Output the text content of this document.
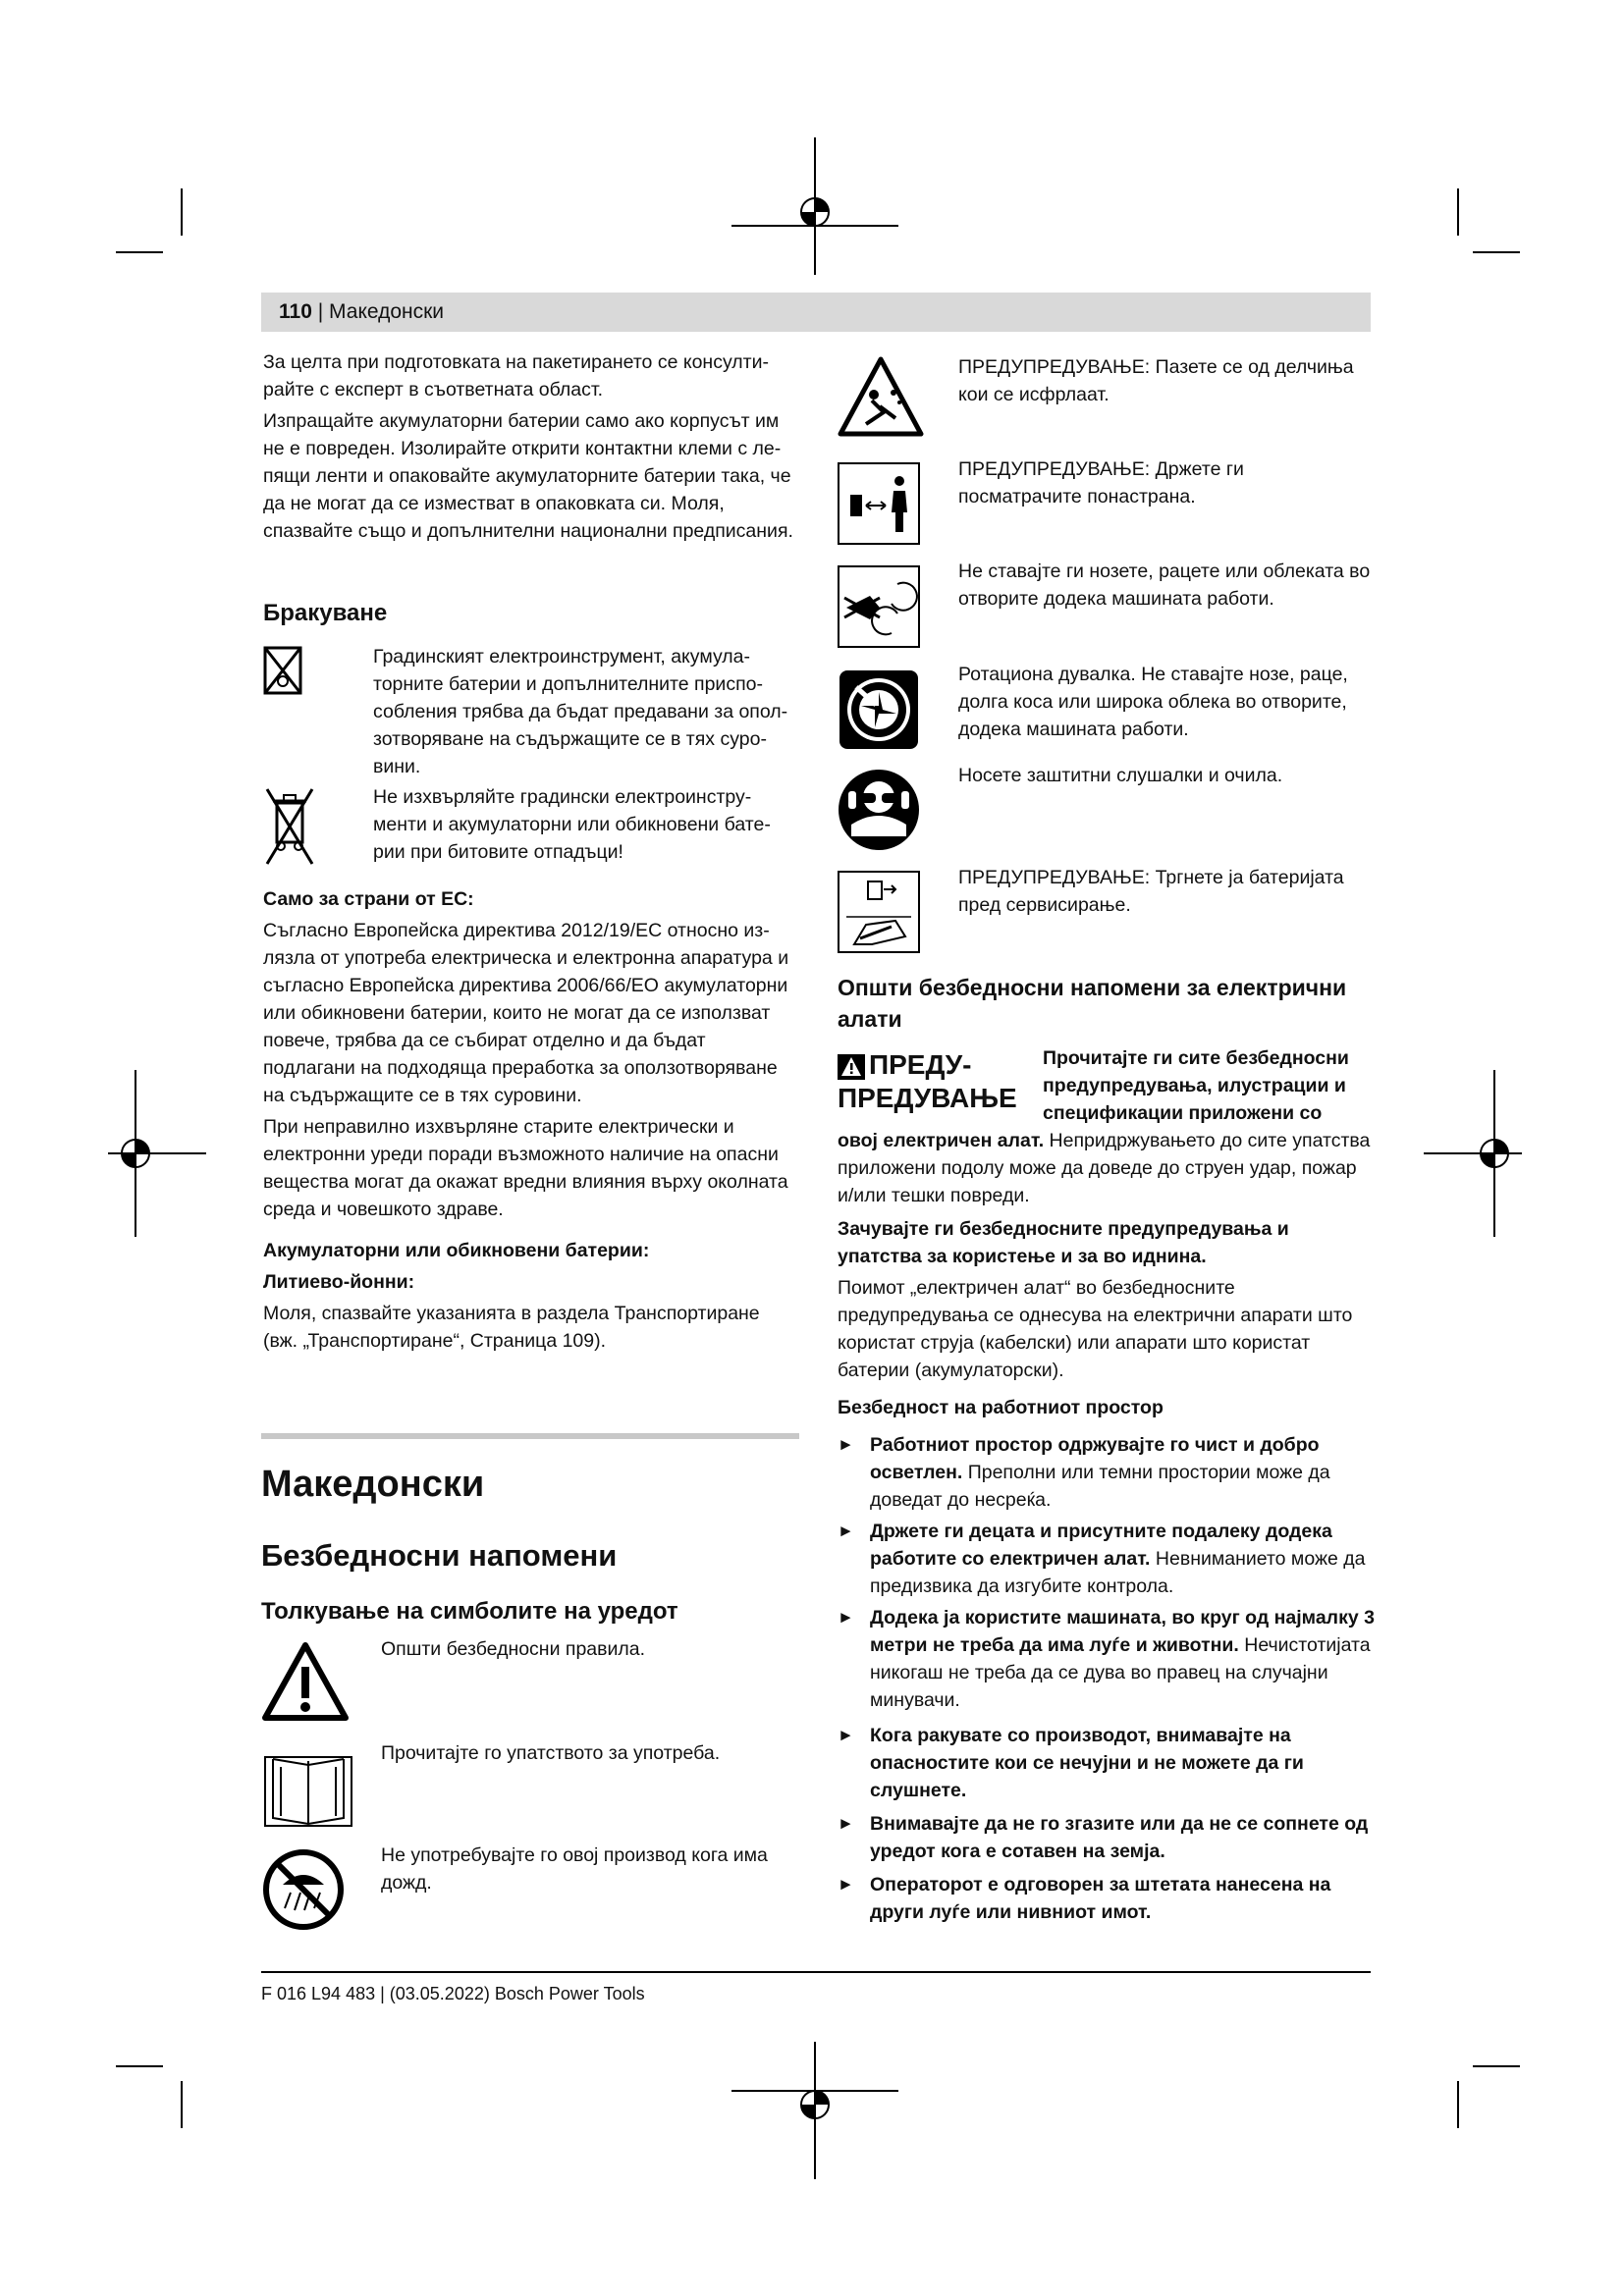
110 | Македонски

За целта при подготовката на пакетирането се консултирайте с експерт в съответната област.

Изпращайте акумулаторни батерии само ако корпусът им не е повреден. Изолирайте открити контактни клеми с лепящи ленти и опаковайте акумулаторните батерии така, че да не могат да се изместват в опаковката си. Моля, спазвайте също и допълнителни национални предписания.

Бракуване
Градинският електроинструмент, акумулаторните батерии и допълнителните приспособления трябва да бъдат предавани за оползотворяване на съдържащите се в тях суровини.
Не изхвърляйте градински електроинструменти и акумулаторни или обикновени батерии при битовите отпадъци!

Само за страни от ЕС:

Съгласно Европейска директива 2012/19/ЕС относно излязла от употреба електрическа и електронна апаратура и съгласно Европейска директива 2006/66/ЕО акумулаторни или обикновени батерии, които не могат да се използват повече, трябва да се събират отделно и да бъдат подлагани на подходяща преработка за оползотворяване на съдържащите се в тях суровини.

При неправилно изхвърляне старите електрически и електронни уреди поради възможното наличие на опасни вещества могат да окажат вредни влияния върху околната среда и човешкото здраве.

Акумулаторни или обикновени батерии:

Литиево-йонни:

Моля, спазвайте указанията в раздела Транспортиране (вж. „Транспортиране“, Страница 109).

Македонски
Безбедносни напомени
Толкување на симболите на уредот
Општи безбедносни правила.
Прочитајте го упатството за употреба.
Не употребувајте го овој производ кога има дожд.
ПРЕДУПРЕДУВАЊЕ: Пазете се од делчиња кои се исфрлаат.
ПРЕДУПРЕДУВАЊЕ: Држете ги посматрачите понастрана.
Не ставајте ги нозете, рацете или облеката во отворите додека машината работи.
Ротациона дувалка. Не ставајте нозе, раце, долга коса или широка облека во отворите, додека машината работи.
Носете заштитни слушалки и очила.
ПРЕДУПРЕДУВАЊЕ: Тргнете ја батеријата пред сервисирање.
Општи безбедносни напомени за електрични алати
ПРЕДУ-
ПРЕДУВАЊЕ
Прочитајте ги сите безбедносни предупредувања, илустрации и спецификации приложени со

овој електричен алат. Непридржувањето до сите упатства приложени подолу може да доведе до струен удар, пожар и/или тешки повреди.

Зачувајте ги безбедносните предупредувања и упатства за користење и за во иднина.

Поимот „електричен алат“ во безбедносните предупредувања се однесува на електрични апарати што користат струја (кабелски) или апарати што користат батерии (акумулаторски).

Безбедност на работниот простор

► Работниот простор одржувајте го чист и добро осветлен. Преполни или темни простории може да доведат до несреќа.
► Држете ги децата и присутните подалеку додека работите со електричен алат. Невниманието може да предизвика да изгубите контрола.
► Додека ја користите машината, во круг од најмалку 3 метри не треба да има луѓе и животни. Нечистотијата никогаш не треба да се дува во правец на случајни минувачи.
► Кога ракувате со производот, внимавајте на опасностите кои се нечујни и не можете да ги слушнете.
► Внимавајте да не го згазите или да не се сопнете од уредот кога е сотавен на земја.
► Операторот е одговорен за штетата нанесена на други луѓе или нивниот имот.
F 016 L94 483 | (03.05.2022) Bosch Power Tools
